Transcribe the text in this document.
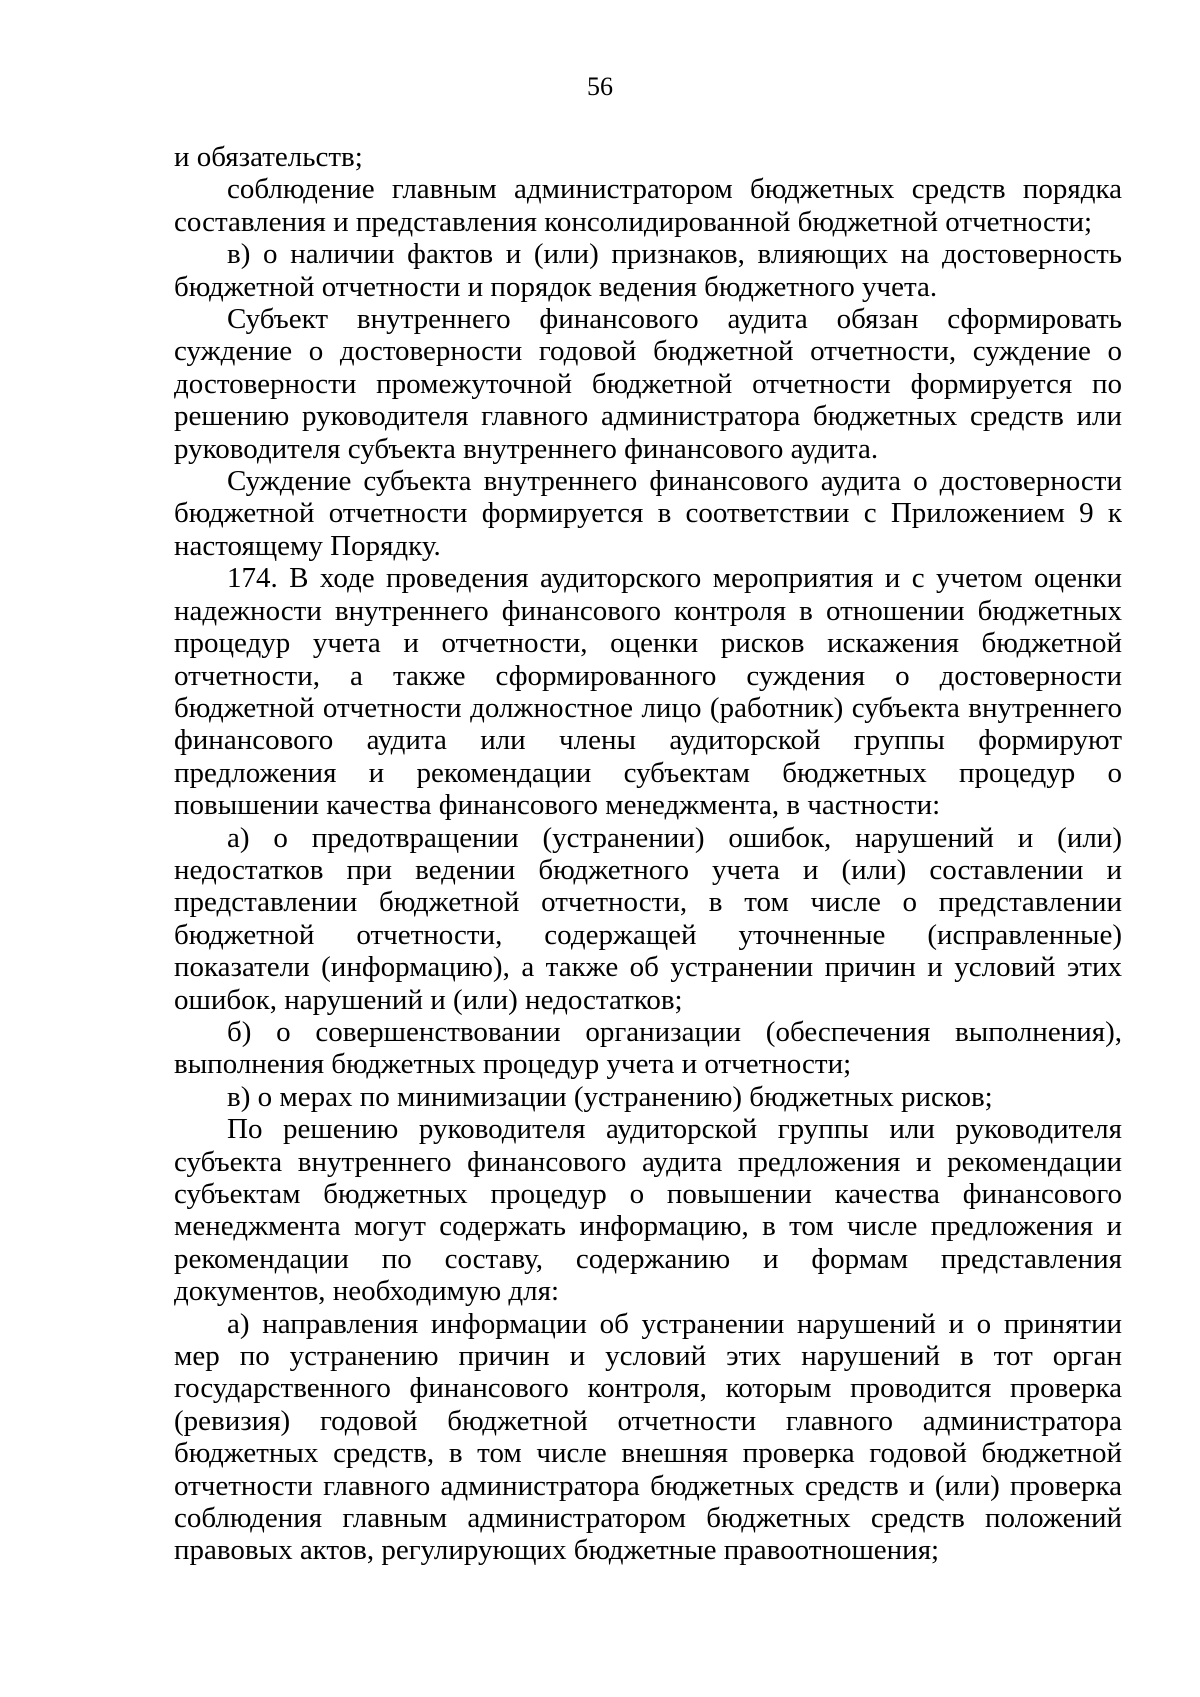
56

и обязательств;

соблюдение главным администратором бюджетных средств порядка составления и представления консолидированной бюджетной отчетности;

в) о наличии фактов и (или) признаков, влияющих на достоверность бюджетной отчетности и порядок ведения бюджетного учета.

Субъект внутреннего финансового аудита обязан сформировать суждение о достоверности годовой бюджетной отчетности, суждение о достоверности промежуточной бюджетной отчетности формируется по решению руководителя главного администратора бюджетных средств или руководителя субъекта внутреннего финансового аудита.

Суждение субъекта внутреннего финансового аудита о достоверности бюджетной отчетности формируется в соответствии с Приложением 9 к настоящему Порядку.

174. В ходе проведения аудиторского мероприятия и с учетом оценки надежности внутреннего финансового контроля в отношении бюджетных процедур учета и отчетности, оценки рисков искажения бюджетной отчетности, а также сформированного суждения о достоверности бюджетной отчетности должностное лицо (работник) субъекта внутреннего финансового аудита или члены аудиторской группы формируют предложения и рекомендации субъектам бюджетных процедур о повышении качества финансового менеджмента, в частности:

а) о предотвращении (устранении) ошибок, нарушений и (или) недостатков при ведении бюджетного учета и (или) составлении и представлении бюджетной отчетности, в том числе о представлении бюджетной отчетности, содержащей уточненные (исправленные) показатели (информацию), а также об устранении причин и условий этих ошибок, нарушений и (или) недостатков;

б) о совершенствовании организации (обеспечения выполнения), выполнения бюджетных процедур учета и отчетности;

в) о мерах по минимизации (устранению) бюджетных рисков;

По решению руководителя аудиторской группы или руководителя субъекта внутреннего финансового аудита предложения и рекомендации субъектам бюджетных процедур о повышении качества финансового менеджмента могут содержать информацию, в том числе предложения и рекомендации по составу, содержанию и формам представления документов, необходимую для:

а) направления информации об устранении нарушений и о принятии мер по устранению причин и условий этих нарушений в тот орган государственного финансового контроля, которым проводится проверка (ревизия) годовой бюджетной отчетности главного администратора бюджетных средств, в том числе внешняя проверка годовой бюджетной отчетности главного администратора бюджетных средств и (или) проверка соблюдения главным администратором бюджетных средств положений правовых актов, регулирующих бюджетные правоотношения;
